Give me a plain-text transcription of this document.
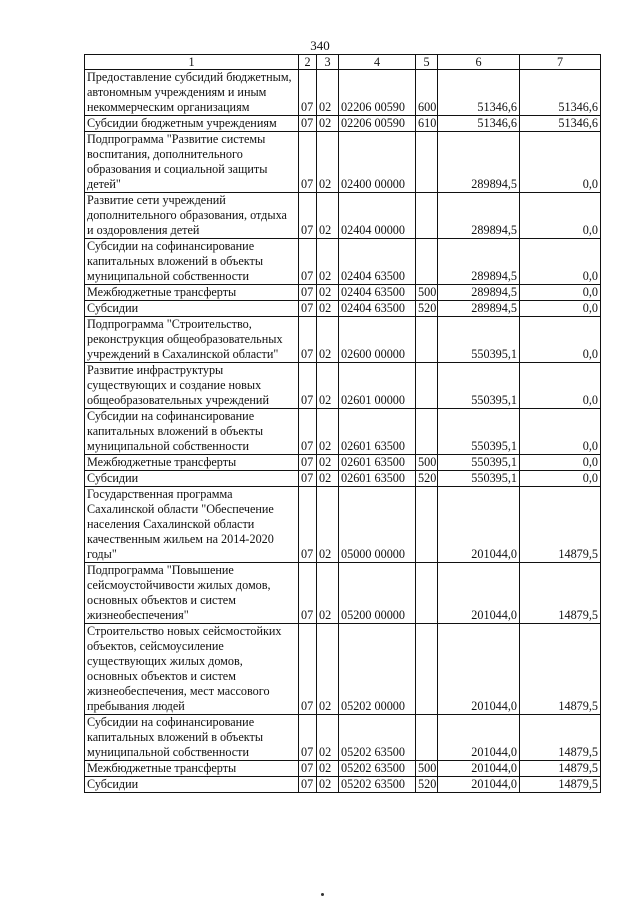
340
1	2	3	4	5	6	7
Предоставление субсидий бюджетным, автономным учреждениям и иным некоммерческим организациям	07	02	02206 00590	600	51346,6	51346,6
Субсидии бюджетным учреждениям	07	02	02206 00590	610	51346,6	51346,6
Подпрограмма "Развитие системы воспитания, дополнительного образования и социальной защиты детей"	07	02	02400 00000		289894,5	0,0
Развитие сети учреждений дополнительного образования, отдыха и оздоровления детей	07	02	02404 00000		289894,5	0,0
Субсидии на софинансирование капитальных вложений в объекты муниципальной собственности	07	02	02404 63500		289894,5	0,0
Межбюджетные трансферты	07	02	02404 63500	500	289894,5	0,0
Субсидии	07	02	02404 63500	520	289894,5	0,0
Подпрограмма "Строительство, реконструкция общеобразовательных учреждений в Сахалинской области"	07	02	02600 00000		550395,1	0,0
Развитие инфраструктуры существующих и создание новых общеобразовательных учреждений	07	02	02601 00000		550395,1	0,0
Субсидии на софинансирование капитальных вложений в объекты муниципальной собственности	07	02	02601 63500		550395,1	0,0
Межбюджетные трансферты	07	02	02601 63500	500	550395,1	0,0
Субсидии	07	02	02601 63500	520	550395,1	0,0
Государственная программа Сахалинской области "Обеспечение населения Сахалинской области качественным жильем на 2014-2020 годы"	07	02	05000 00000		201044,0	14879,5
Подпрограмма "Повышение сейсмоустойчивости жилых домов, основных объектов и систем жизнеобеспечения"	07	02	05200 00000		201044,0	14879,5
Строительство новых сейсмостойких объектов, сейсмоусиление существующих жилых домов, основных объектов и систем жизнеобеспечения, мест массового пребывания людей	07	02	05202 00000		201044,0	14879,5
Субсидии на софинансирование капитальных вложений в объекты муниципальной собственности	07	02	05202 63500		201044,0	14879,5
Межбюджетные трансферты	07	02	05202 63500	500	201044,0	14879,5
Субсидии	07	02	05202 63500	520	201044,0	14879,5
